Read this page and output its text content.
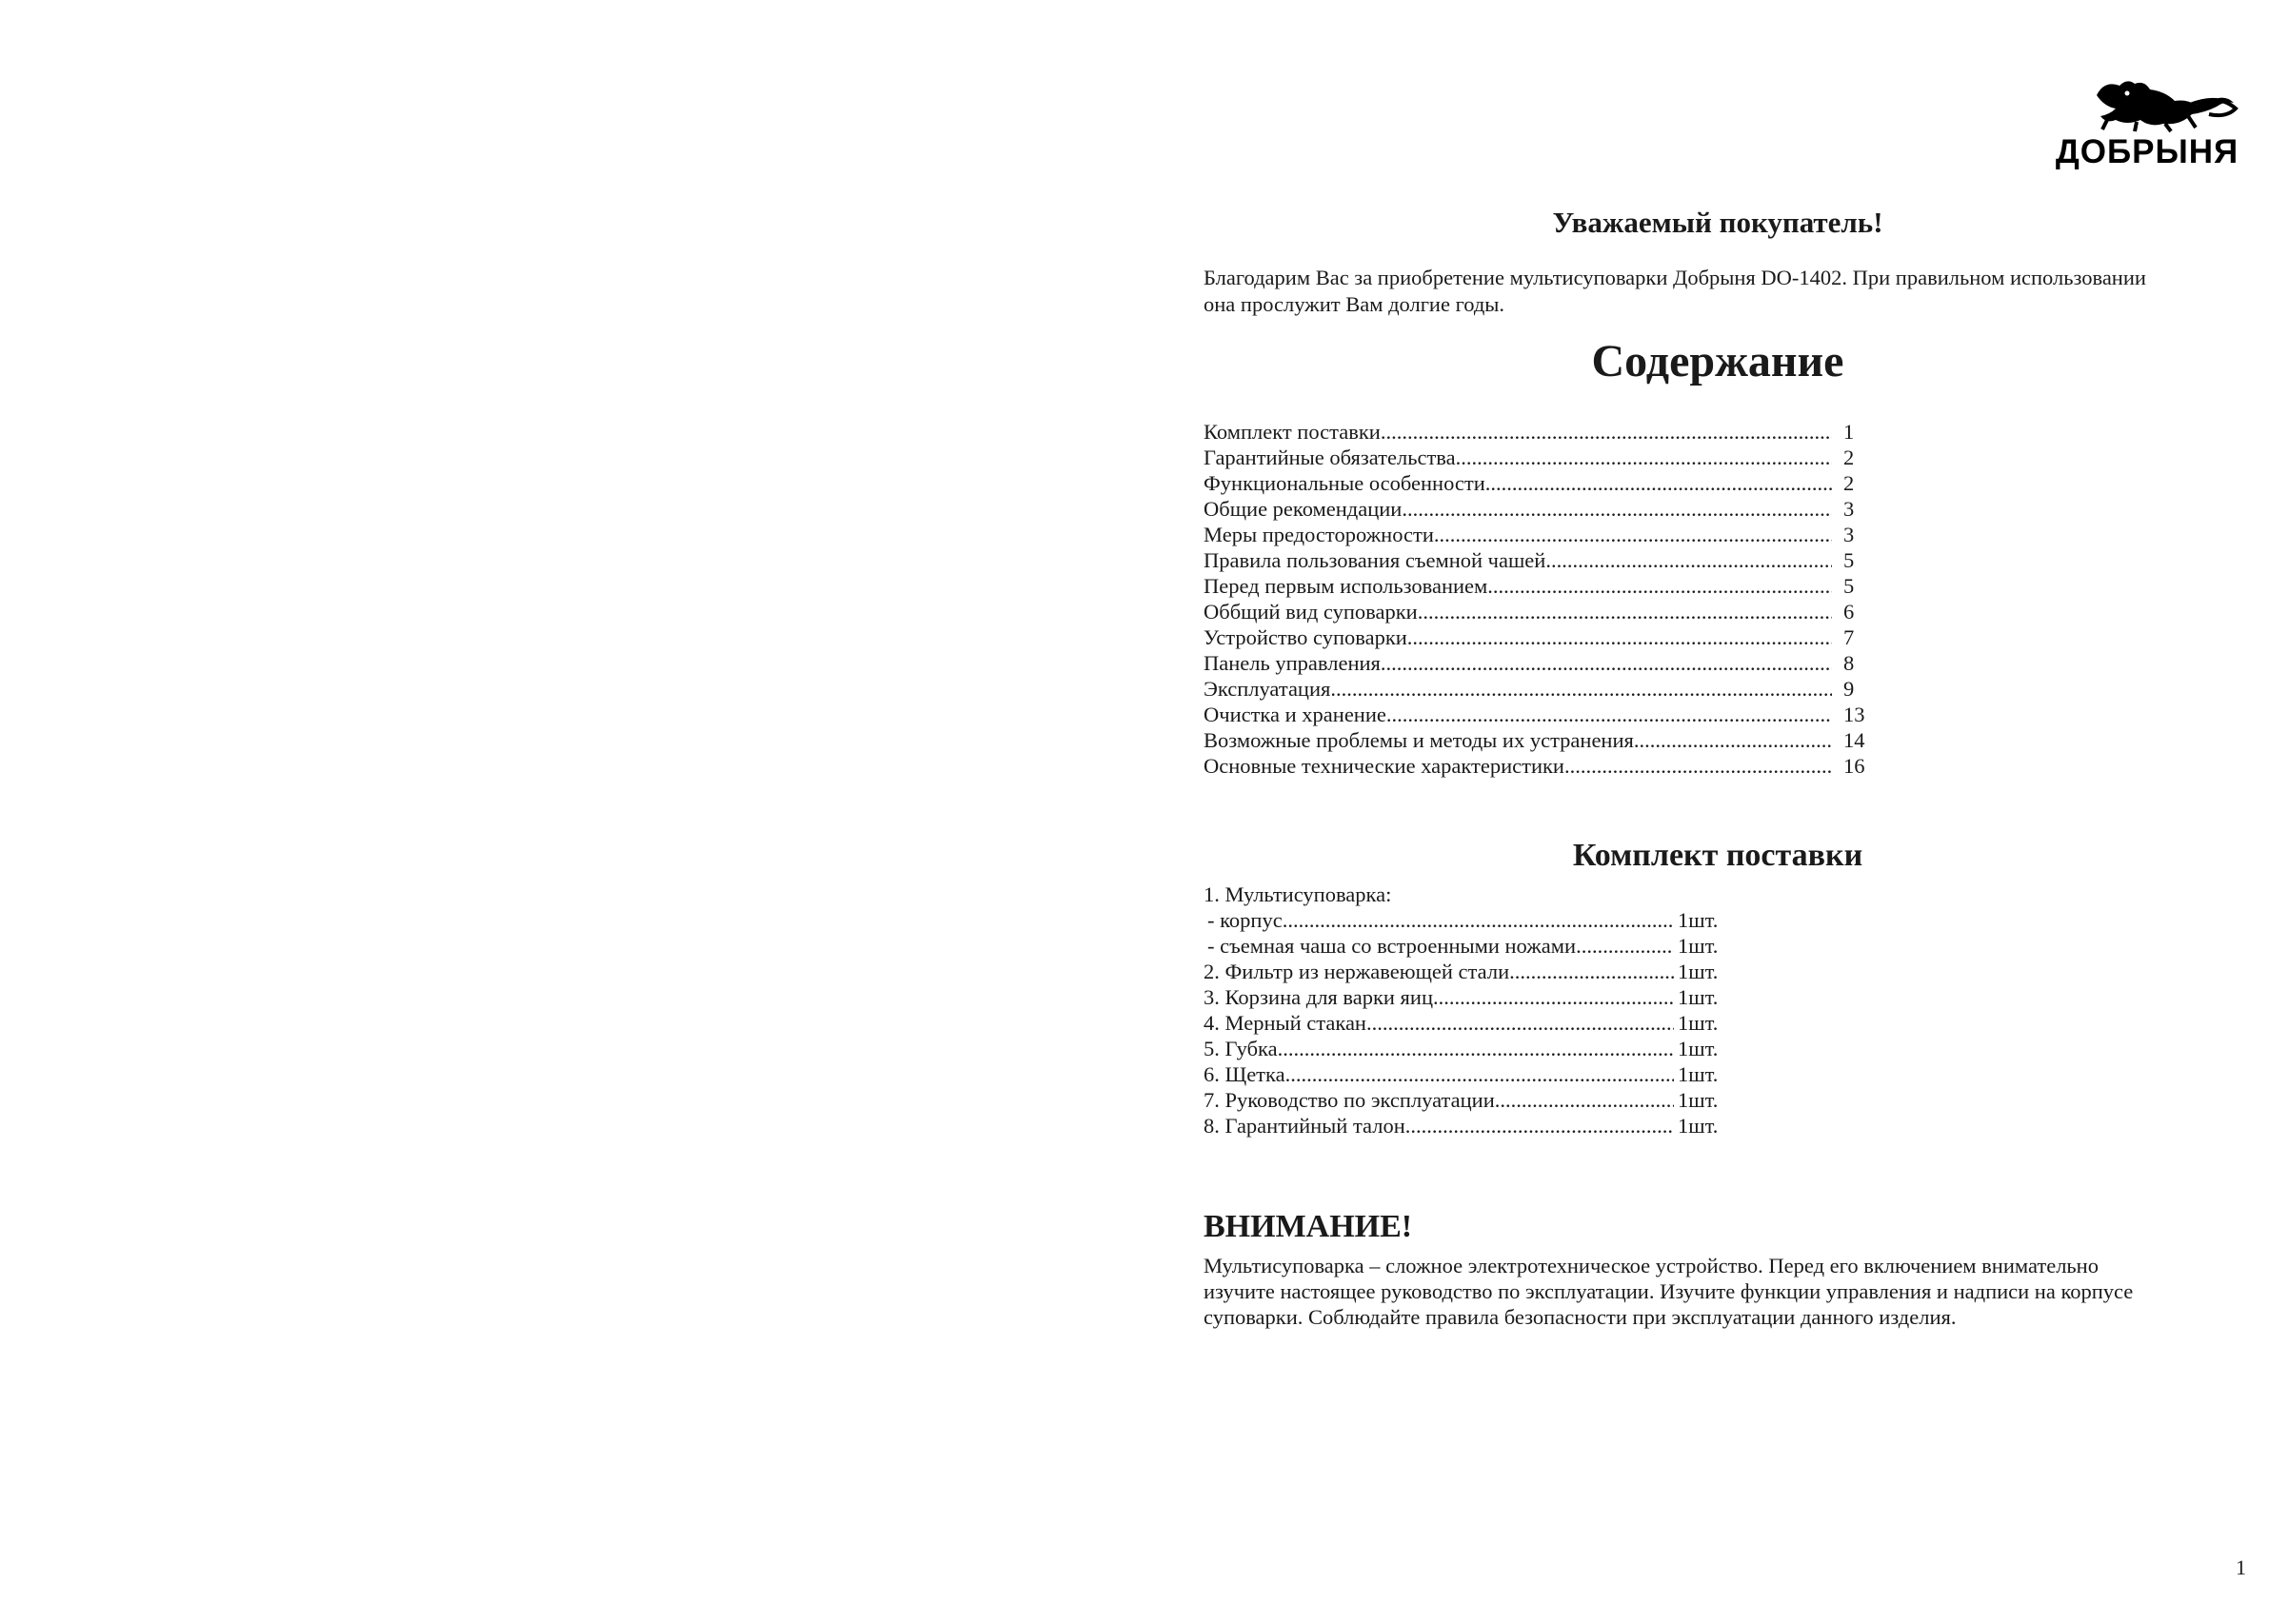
ДОБРЫНЯ
Уважаемый покупатель!
Благодарим Вас за приобретение мультисуповарки Добрыня DO-1402. При правильном использовании
она прослужит Вам долгие годы.
Содержание
Комплект поставки .....	1
Гарантийные обязательства .....	2
Функциональные особенности .....	2
Общие рекомендации .....	3
Меры предосторожности .....	3
Правила пользования съемной чашей .....	5
Перед первым использованием .....	5
Оббщий вид суповарки .....	6
Устройство суповарки .....	7
Панель управления .....	8
Эксплуатация .....	9
Очистка и хранение .....	13
Возможные проблемы и методы их устранения .....	14
Основные технические характеристики .....	16
Комплект поставки
1. Мультисуповарка:
- корпус .....	1шт.
- съемная чаша со встроенными ножами .....	1шт.
2. Фильтр из нержавеющей стали .....	1шт.
3. Корзина для варки яиц .....	1шт.
4. Мерный стакан .....	1шт.
5. Губка. .....	1шт.
6. Щетка .....	1шт.
7. Руководство по эксплуатации .....	1шт.
8. Гарантийный талон .....	1шт.
ВНИМАНИЕ!
Мультисуповарка – сложное электротехническое устройство. Перед его включением внимательно
изучите настоящее руководство по эксплуатации. Изучите функции управления и надписи на корпусе
суповарки. Соблюдайте правила безопасности при эксплуатации данного изделия.
1
